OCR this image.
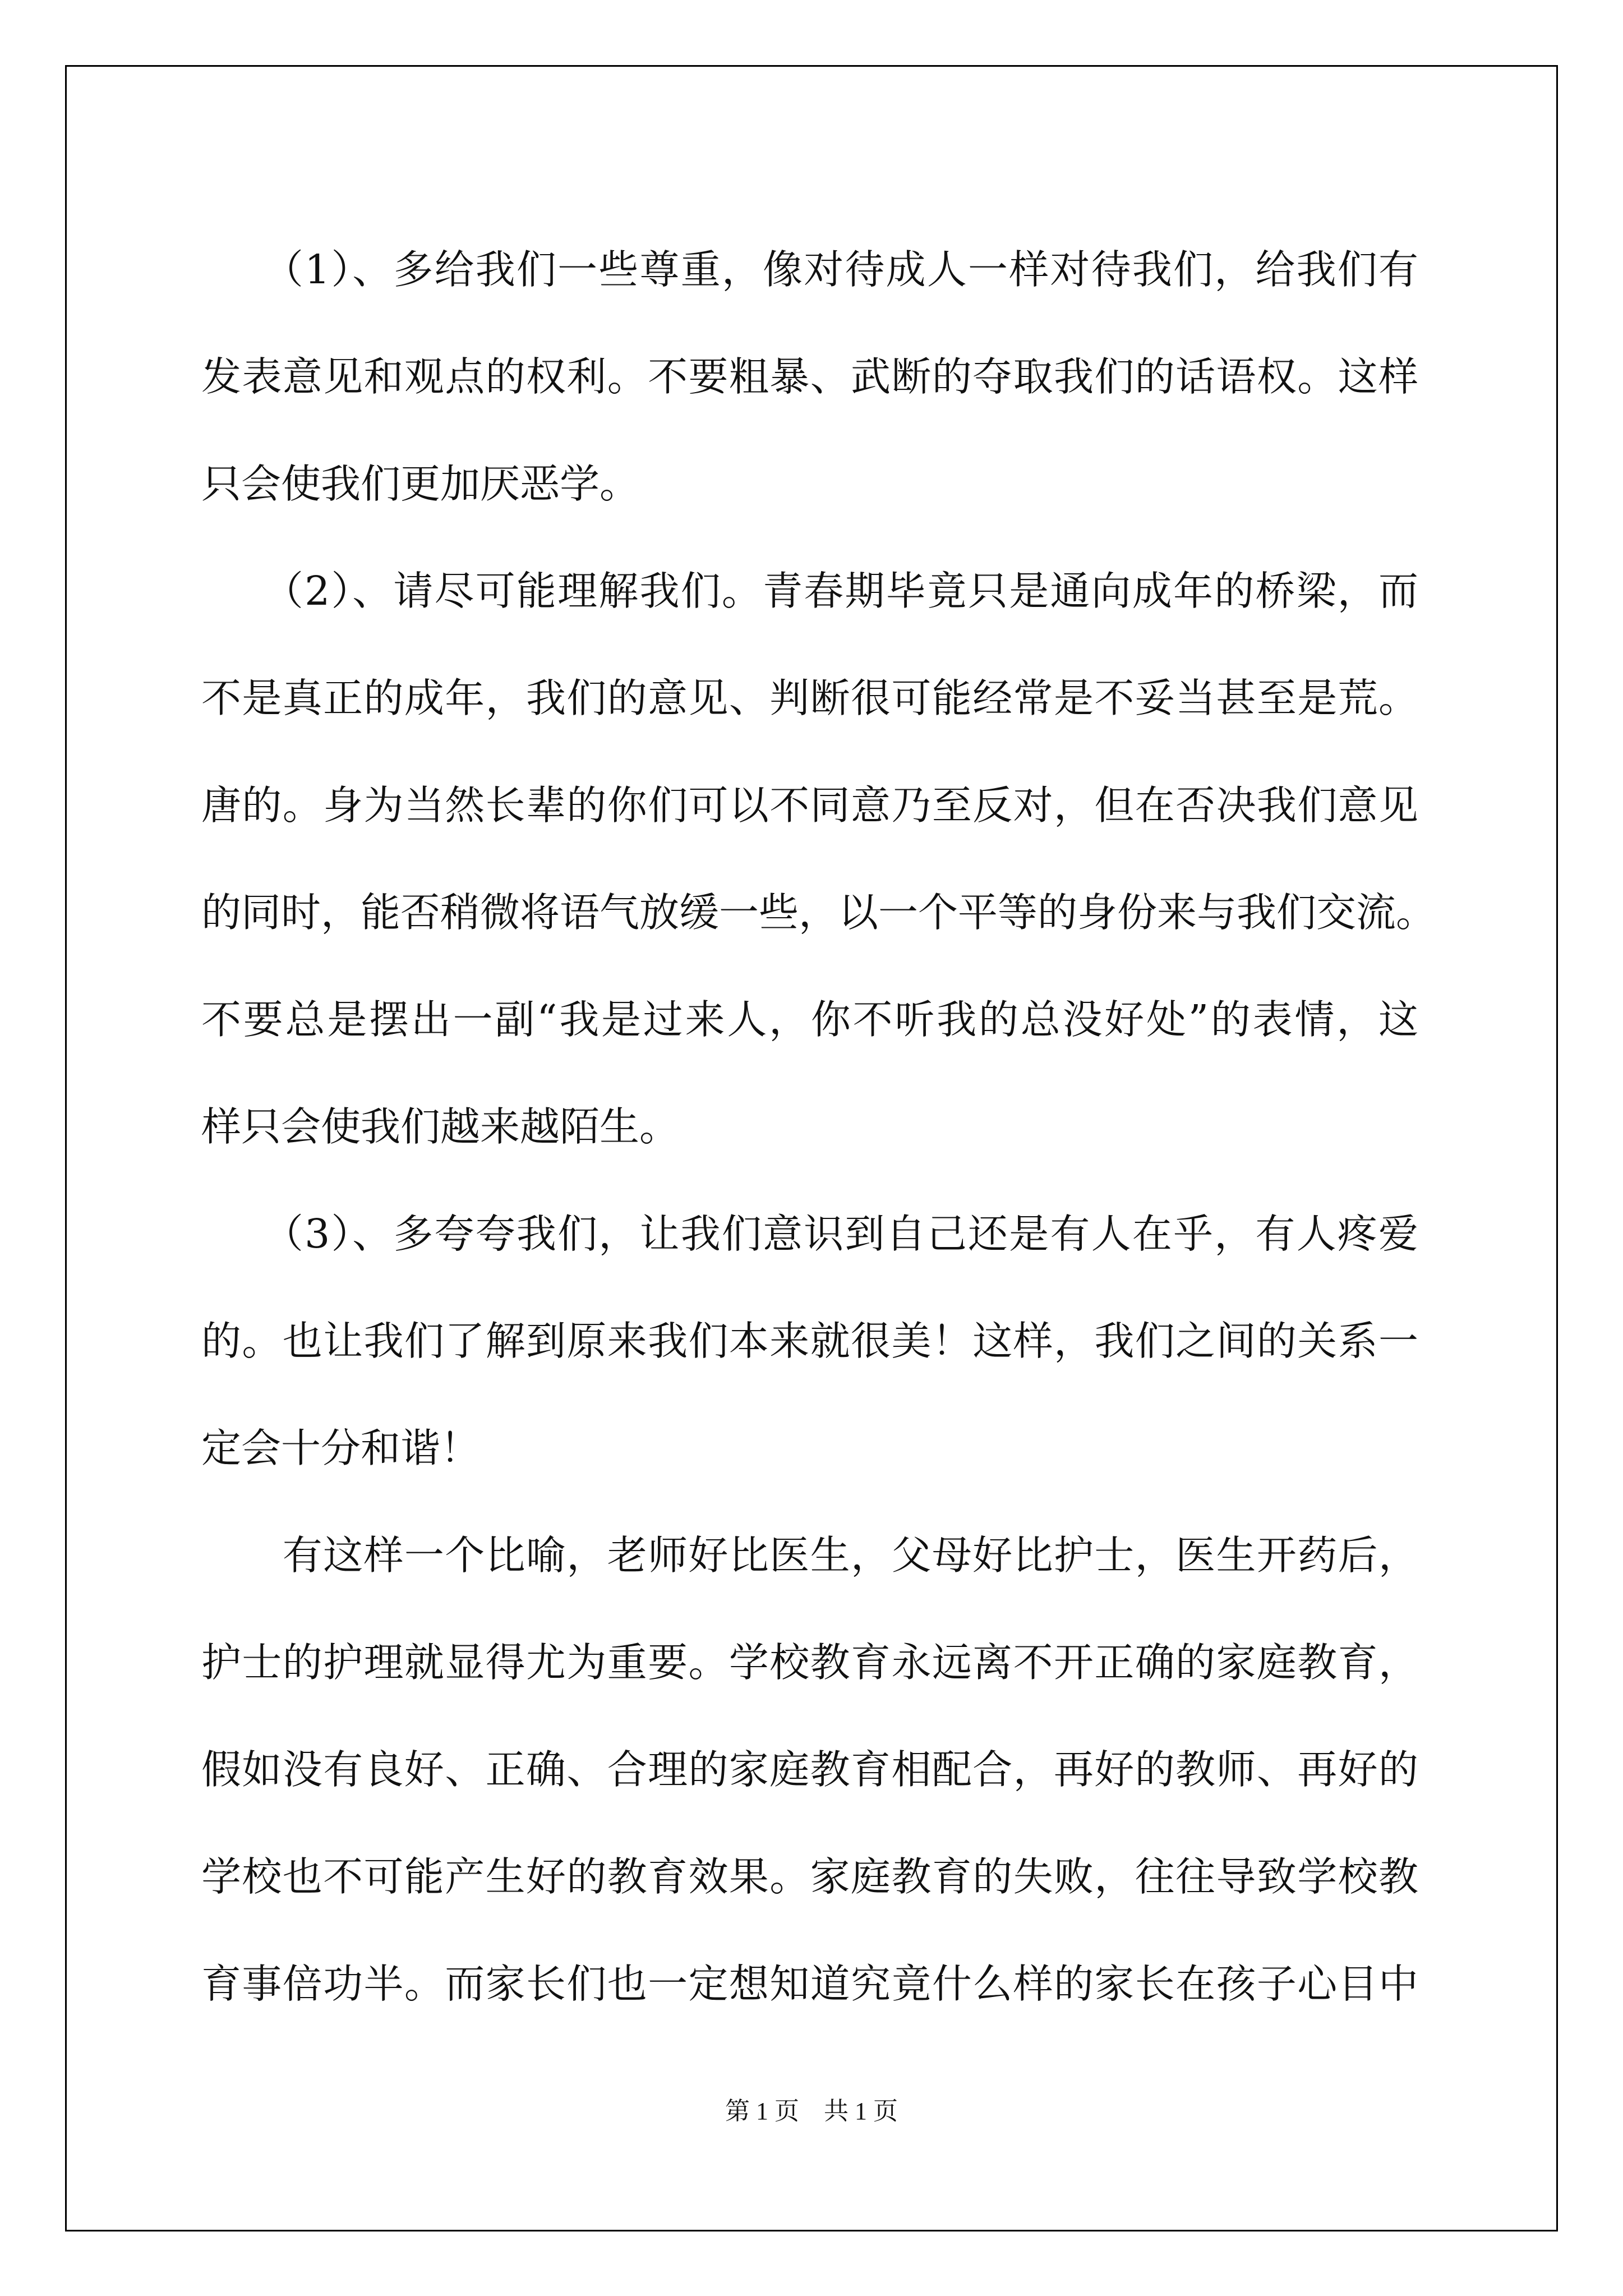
　　（1）、多给我们一些尊重，像对待成人一样对待我们，给我们有
发表意见和观点的权利。不要粗暴、武断的夺取我们的话语权。这样
只会使我们更加厌恶学。
　　（2）、请尽可能理解我们。青春期毕竟只是通向成年的桥梁，而
不是真正的成年，我们的意见、判断很可能经常是不妥当甚至是荒。
唐的。身为当然长辈的你们可以不同意乃至反对，但在否决我们意见
的同时，能否稍微将语气放缓一些，以一个平等的身份来与我们交流。
不要总是摆出一副“我是过来人，你不听我的总没好处”的表情，这
样只会使我们越来越陌生。
　　（3）、多夸夸我们，让我们意识到自己还是有人在乎，有人疼爱
的。也让我们了解到原来我们本来就很美！这样，我们之间的关系一
定会十分和谐！
　　有这样一个比喻，老师好比医生，父母好比护士，医生开药后，
护士的护理就显得尤为重要。学校教育永远离不开正确的家庭教育，
假如没有良好、正确、合理的家庭教育相配合，再好的教师、再好的
学校也不可能产生好的教育效果。家庭教育的失败，往往导致学校教
育事倍功半。而家长们也一定想知道究竟什么样的家长在孩子心目中
第 1 页　共 1 页
